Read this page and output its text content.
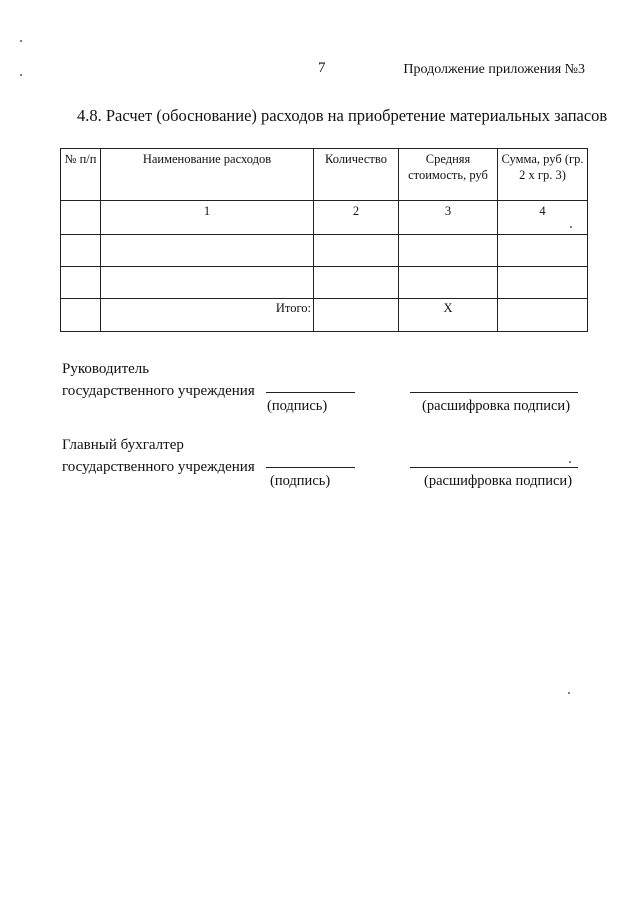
7	Продолжение приложения №3
4.8. Расчет (обоснование) расходов на приобретение материальных запасов
№ п/п	Наименование расходов	Количество	Средняя стоимость, руб	Сумма, руб (гр. 2 х гр. 3)
	1	2	3	4

	Итого:		X	
Руководитель
государственного учреждения
(подпись)	(расшифровка подписи)
Главный бухгалтер
государственного учреждения
(подпись)	(расшифровка подписи)
